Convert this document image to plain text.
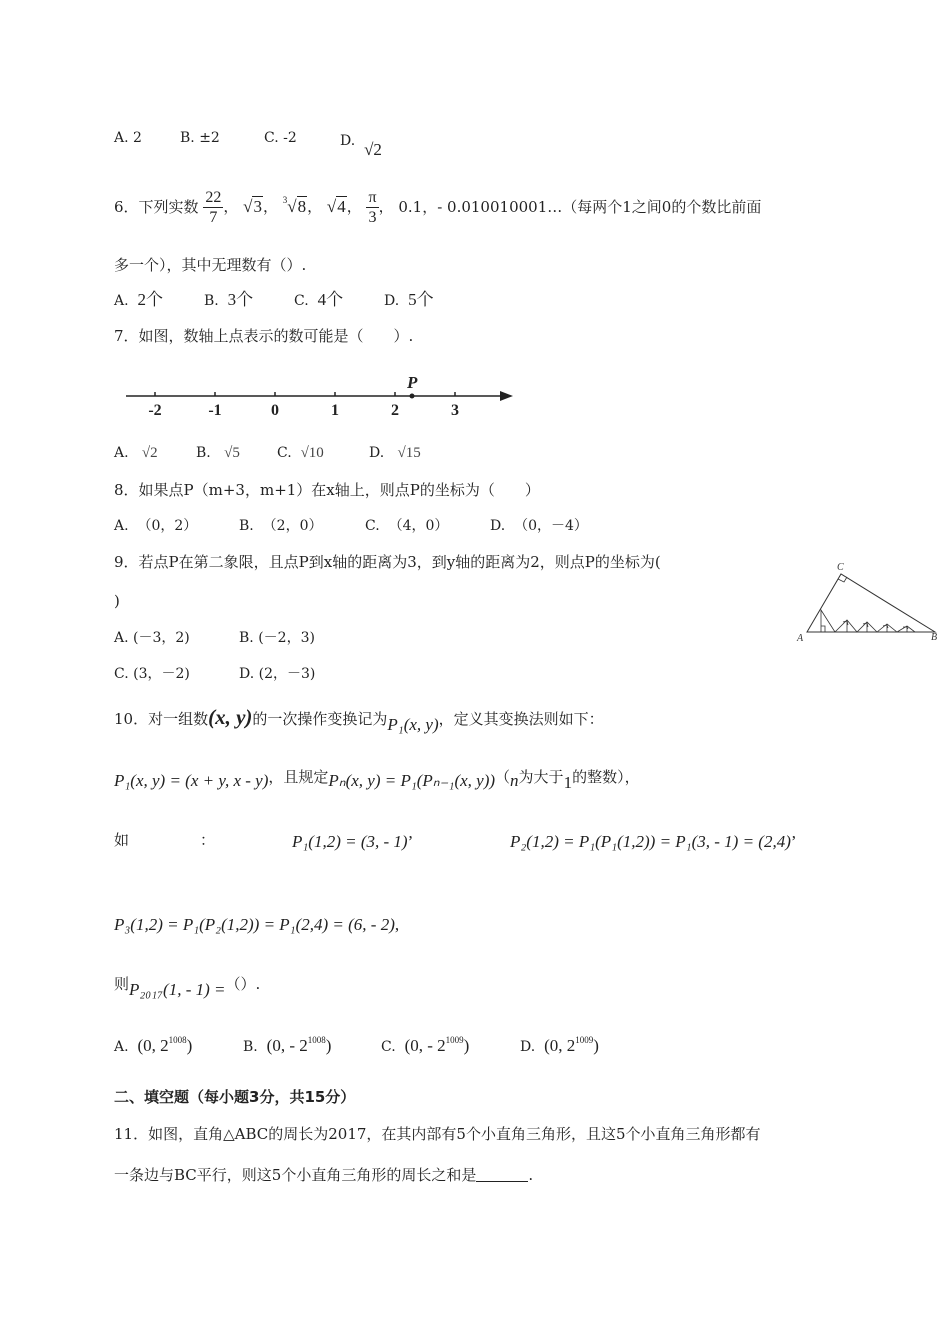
A. 2	B. ±2	C. -2	D. √2
6．下列实数 $\frac{22}{7}$ ， √3， $^3$√8， √4， $\frac{\pi}{3}$ ， 0.1，- 0.010010001…（每两个1之间0的个数比前面
多一个），其中无理数有（）.
A. 2个	B. 3个	C. 4个	D. 5个
7．如图，数轴上点表示的数可能是（　　）.
-2	-1	0	1	2	3
P
A. √2	B. √5	C. √10	D. √15
8．如果点P（m+3，m+1）在x轴上，则点P的坐标为（　　）
A. （0，2）	B. （2，0）	C. （4，0）	D. （0，－4）
9．若点P在第二象限，且点P到x轴的距离为3，到y轴的距离为2，则点P的坐标为(
)
A. (－3，2)	B. (－2，3)
C. (3，－2)	D. (2，－3)
A	B
C
10．对一组数(x, y)的一次操作变换记为P₁(x, y)，定义其变换法则如下：
P₁(x, y) = (x + y, x - y)，且规定Pₙ(x, y) = P₁(Pₙ₋₁(x, y))（n为大于1的整数），
如	：	P₁(1,2) = (3, - 1)’	P₂(1,2) = P₁(P₁(1,2)) = P₁(3, - 1) = (2,4)’
P₃(1,2) = P₁(P₂(1,2)) = P₁(2,4) = (6, - 2),
则P₂₀₁₇(1, - 1) =（）.
A. (0, $2^{1008}$)	B. (0, - $2^{1008}$)	C. (0, - $2^{1009}$)	D. (0, $2^{1009}$)
二、填空题（每小题3分，共15分）
11．如图，直角△ABC的周长为2017，在其内部有5个小直角三角形，且这5个小直角三角形都有
一条边与BC平行，则这5个小直角三角形的周长之和是	.
